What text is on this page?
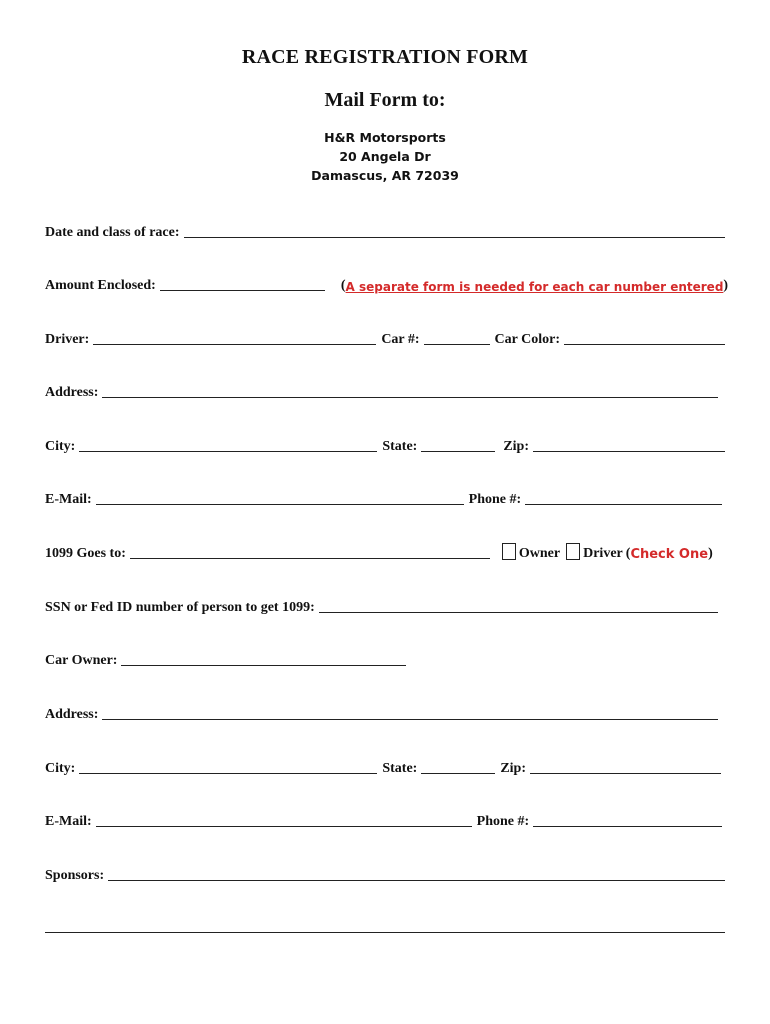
RACE REGISTRATION FORM
Mail Form to:
H&R Motorsports
20 Angela Dr
Damascus, AR 72039
Date and class of race:
Amount Enclosed:	( A separate form is needed for each car number entered )
Driver:	Car #:	Car Color:
Address:
City:	State:	Zip:
E-Mail:	Phone #:
1099 Goes to:	Owner Driver ( Check One )
SSN or Fed ID number of person to get 1099:
Car Owner:
Address:
City:	State:	Zip:
E-Mail:	Phone #:
Sponsors:
